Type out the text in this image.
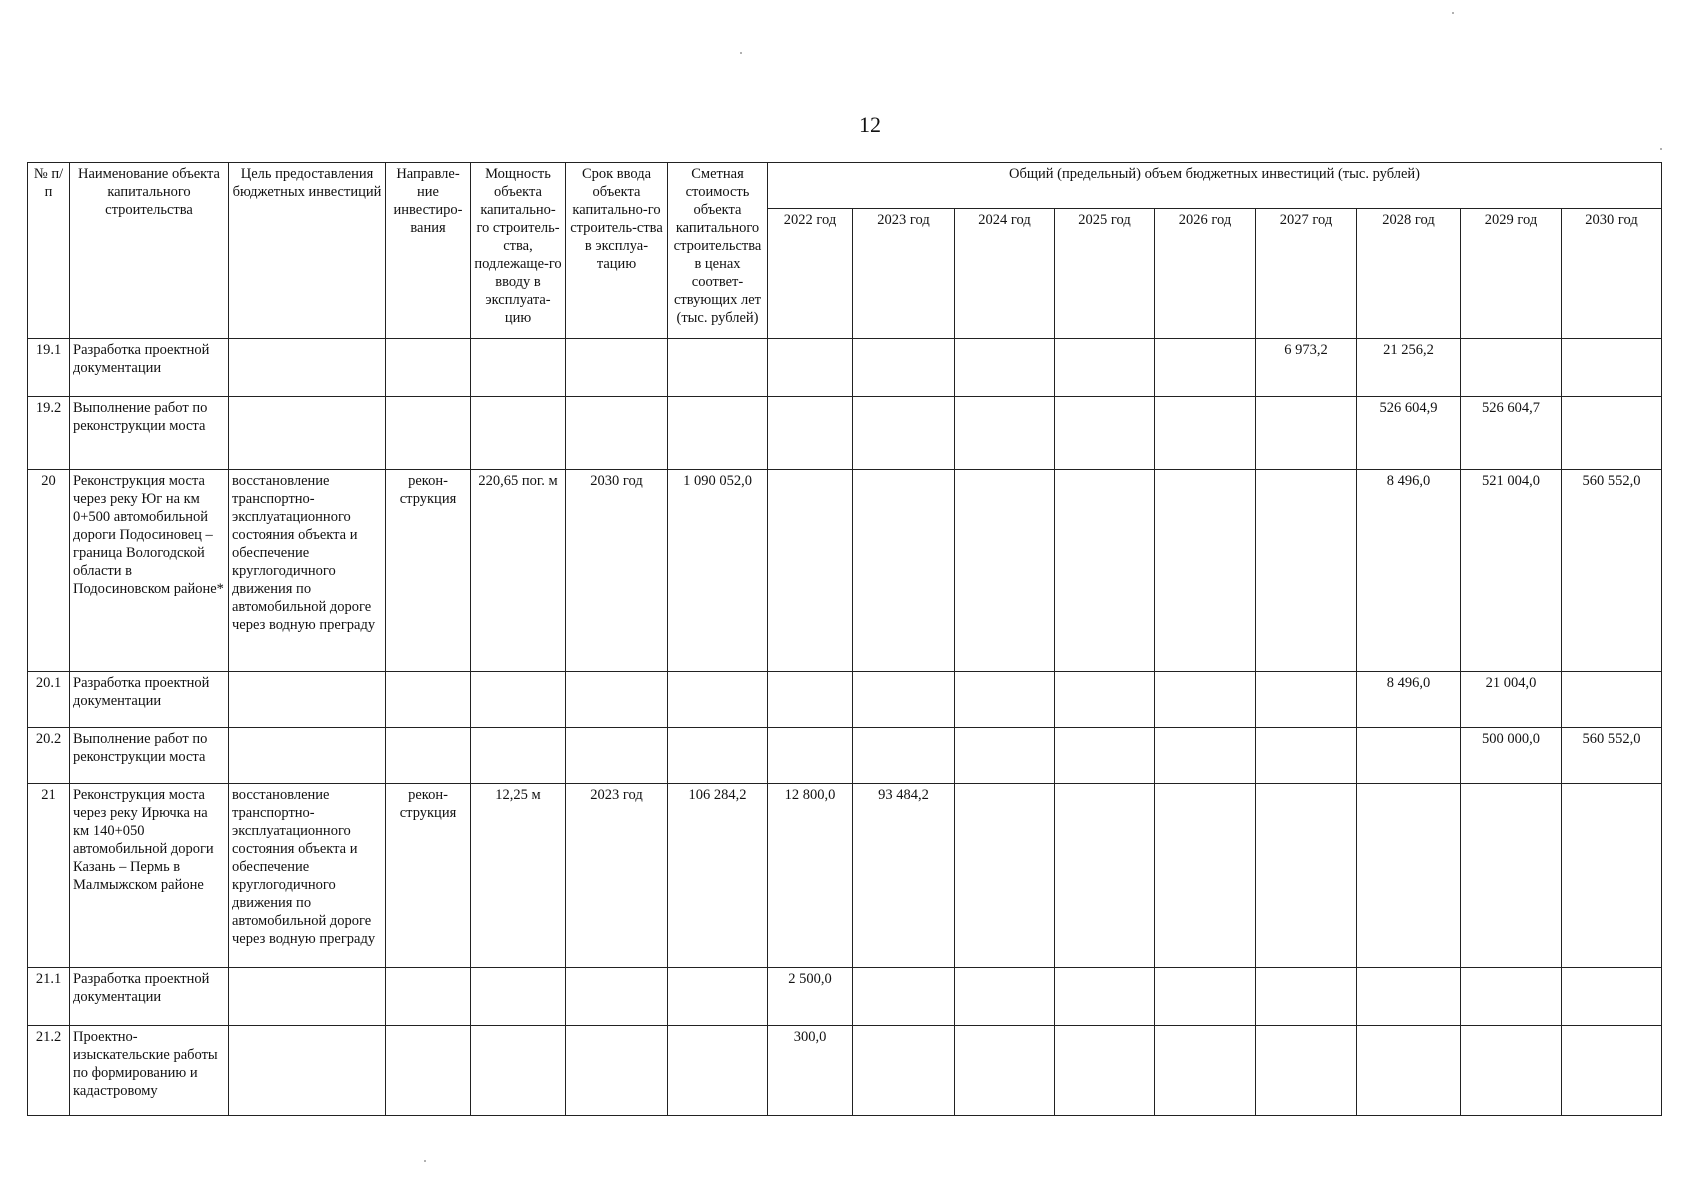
12
№ п/п	Наименование объекта капитального строительства	Цель предоставления бюджетных инвестиций	Направле-ние инвестиро-вания	Мощность объекта капитально-го строитель-ства, подлежаще-го вводу в эксплуата-цию	Срок ввода объекта капитально-го строитель-ства в эксплуа-тацию	Сметная стоимость объекта капитального строительства в ценах соответ-ствующих лет (тыс. рублей)	Общий (предельный) объем бюджетных инвестиций (тыс. рублей)								
							2022 год	2023 год	2024 год	2025 год	2026 год	2027 год	2028 год	2029 год	2030 год
19.1	Разработка проектной документации											6 973,2	21 256,2		
19.2	Выполнение работ по реконструкции моста												526 604,9	526 604,7	
20	Реконструкция моста через реку Юг на км 0+500 автомобильной дороги Подосиновец – граница Вологодской области в Подосиновском районе*	восстановление транспортно-эксплуатационного состояния объекта и обеспечение круглогодичного движения по автомобильной дороге через водную преграду	рекон-струкция	220,65 пог. м	2030 год	1 090 052,0							8 496,0	521 004,0	560 552,0
20.1	Разработка проектной документации												8 496,0	21 004,0	
20.2	Выполнение работ по реконструкции моста													500 000,0	560 552,0
21	Реконструкция моста через реку Ирючка на км 140+050 автомобильной дороги Казань – Пермь в Малмыжском районе	восстановление транспортно-эксплуатационного состояния объекта и обеспечение круглогодичного движения по автомобильной дороге через водную преграду	рекон-струкция	12,25 м	2023 год	106 284,2	12 800,0	93 484,2							
21.1	Разработка проектной документации						2 500,0								
21.2	Проектно-изыскательские работы по формированию и кадастровому						300,0								
